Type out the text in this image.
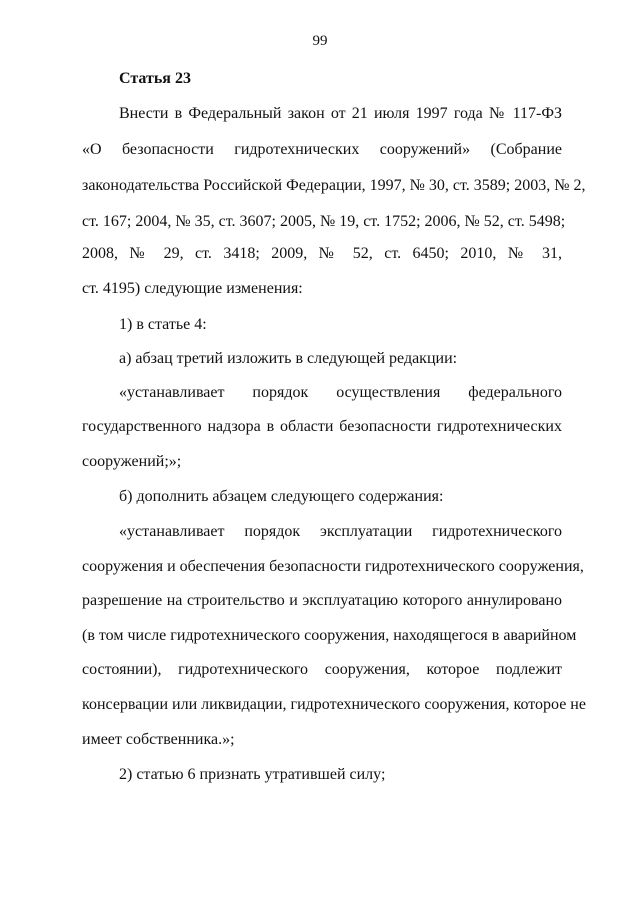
99
Статья 23
Внести в Федеральный закон от 21 июля 1997 года № 117-ФЗ
«О безопасности гидротехнических сооружений» (Собрание
законодательства Российской Федерации, 1997, № 30, ст. 3589; 2003, № 2,
ст. 167; 2004, № 35, ст. 3607; 2005, № 19, ст. 1752; 2006, № 52, ст. 5498;
2008, № 29, ст. 3418; 2009, № 52, ст. 6450; 2010, № 31,
ст. 4195) следующие изменения:
1) в статье 4:
а) абзац третий изложить в следующей редакции:
«устанавливает порядок осуществления федерального
государственного надзора в области безопасности гидротехнических
сооружений;»;
б) дополнить абзацем следующего содержания:
«устанавливает порядок эксплуатации гидротехнического
сооружения и обеспечения безопасности гидротехнического сооружения,
разрешение на строительство и эксплуатацию которого аннулировано
(в том числе гидротехнического сооружения, находящегося в аварийном
состоянии), гидротехнического сооружения, которое подлежит
консервации или ликвидации, гидротехнического сооружения, которое не
имеет собственника.»;
2) статью 6 признать утратившей силу;
